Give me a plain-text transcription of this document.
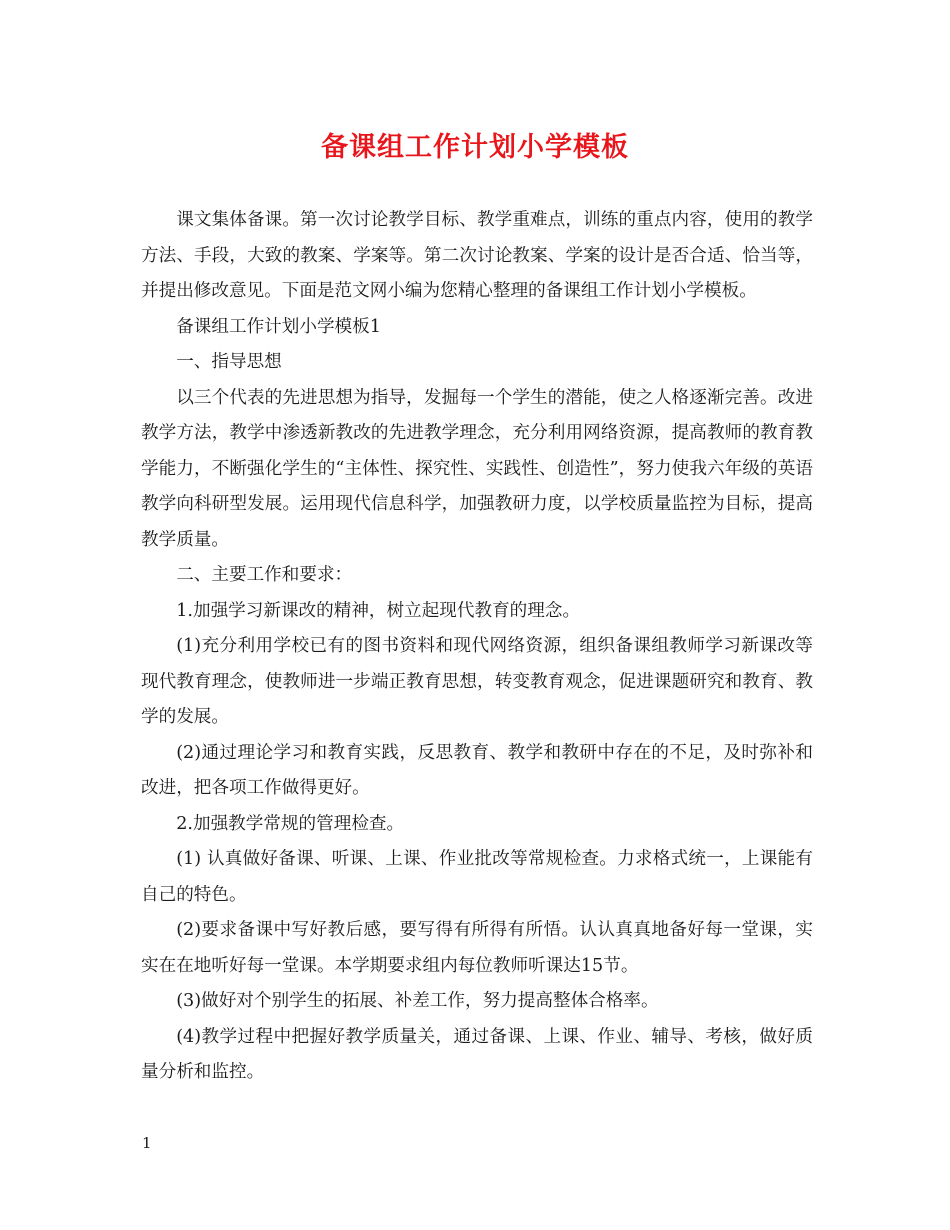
备课组工作计划小学模板

课文集体备课。第一次讨论教学目标、教学重难点，训练的重点内容，使用的教学方法、手段，大致的教案、学案等。第二次讨论教案、学案的设计是否合适、恰当等，并提出修改意见。下面是范文网小编为您精心整理的备课组工作计划小学模板。

备课组工作计划小学模板1

一、指导思想

以三个代表的先进思想为指导，发掘每一个学生的潜能，使之人格逐渐完善。改进教学方法，教学中渗透新教改的先进教学理念，充分利用网络资源，提高教师的教育教学能力，不断强化学生的“主体性、探究性、实践性、创造性”，努力使我六年级的英语教学向科研型发展。运用现代信息科学，加强教研力度，以学校质量监控为目标，提高教学质量。

二、主要工作和要求：

1.加强学习新课改的精神，树立起现代教育的理念。

(1)充分利用学校已有的图书资料和现代网络资源，组织备课组教师学习新课改等现代教育理念，使教师进一步端正教育思想，转变教育观念，促进课题研究和教育、教学的发展。

(2)通过理论学习和教育实践，反思教育、教学和教研中存在的不足，及时弥补和改进，把各项工作做得更好。

2.加强教学常规的管理检查。

(1) 认真做好备课、听课、上课、作业批改等常规检查。力求格式统一，上课能有自己的特色。

(2)要求备课中写好教后感，要写得有所得有所悟。认认真真地备好每一堂课，实实在在地听好每一堂课。本学期要求组内每位教师听课达15节。

(3)做好对个别学生的拓展、补差工作，努力提高整体合格率。

(4)教学过程中把握好教学质量关，通过备课、上课、作业、辅导、考核，做好质量分析和监控。

1
